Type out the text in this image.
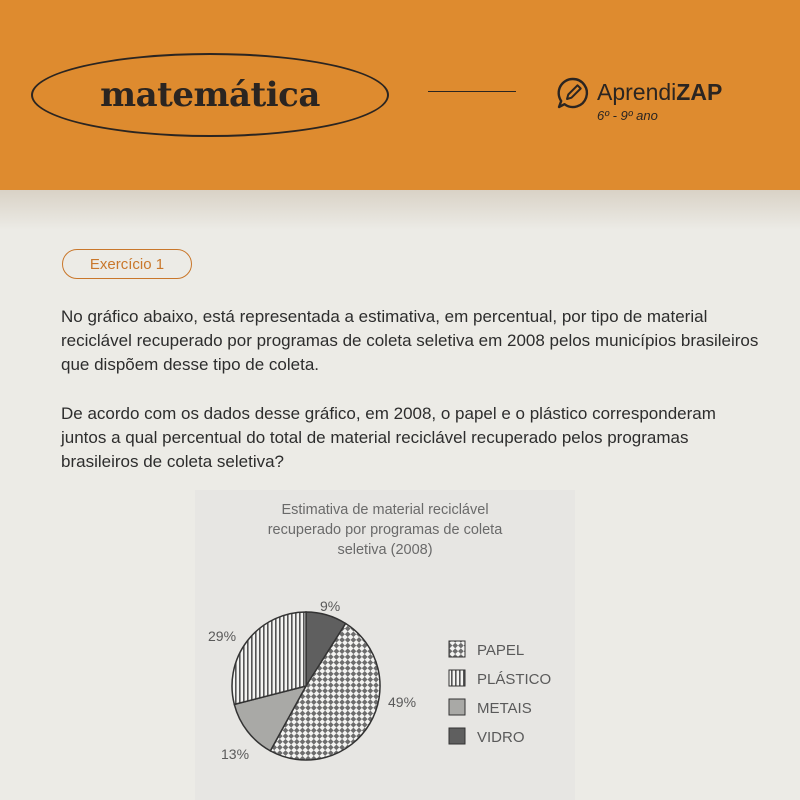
matemática	AprendiZAP
6º - 9º ano
Exercício 1

No gráfico abaixo, está representada a estimativa, em percentual, por tipo de material reciclável recuperado por programas de coleta seletiva em 2008 pelos municípios brasileiros que dispõem desse tipo de coleta.

De acordo com os dados desse gráfico, em 2008, o papel e o plástico corresponderam juntos a qual percentual do total de material reciclável recuperado pelos programas brasileiros de coleta seletiva?

Estimativa de material reciclável
recuperado por programas de coleta
seletiva (2008)
9%
49%
13%
29%
PAPEL
PLÁSTICO
METAIS
VIDRO
